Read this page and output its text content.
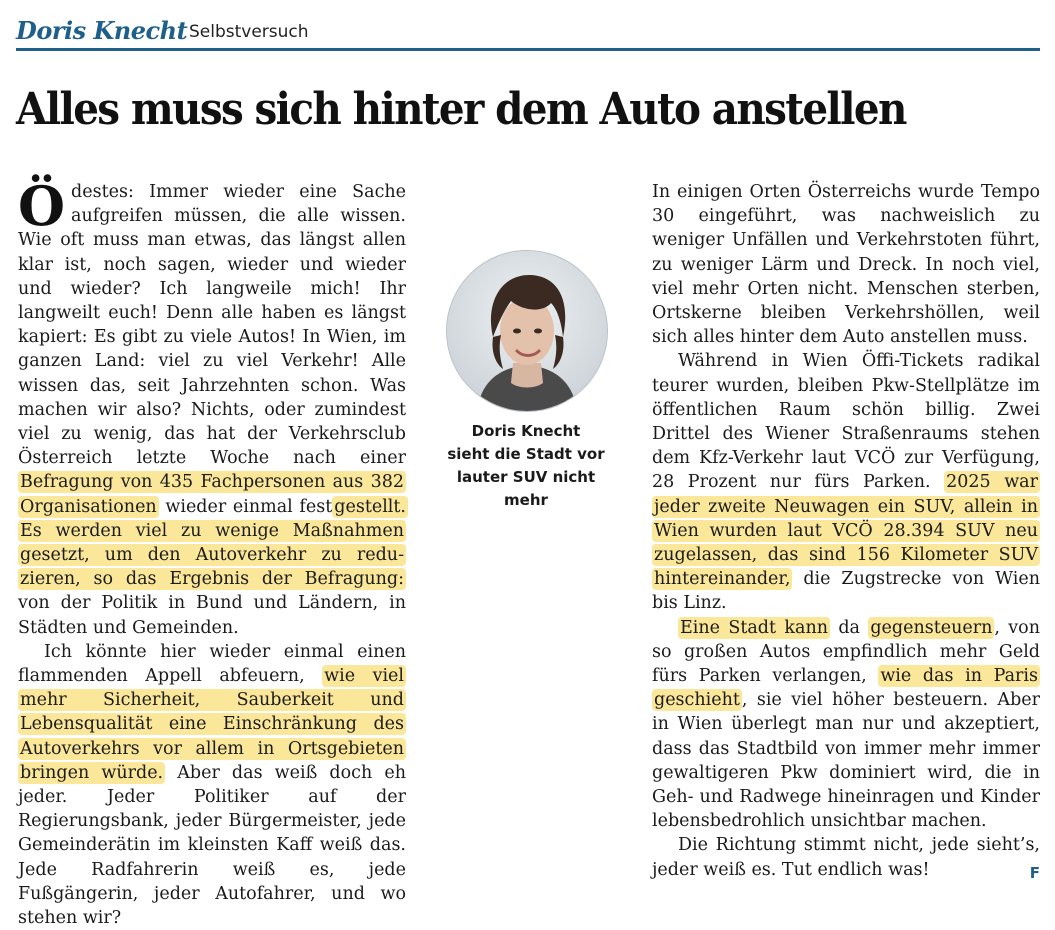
Doris Knecht Selbstversuch
Alles muss sich hinter dem Auto anstellen

Ödestes: Immer wieder eine Sache aufgreifen müssen, die alle wissen. Wie oft muss man etwas, das längst allen klar ist, noch sagen, wieder und wieder und wieder? Ich langweile mich! Ihr langweilt euch! Denn alle haben es längst kapiert: Es gibt zu viele Autos! In Wien, im ganzen Land: viel zu viel Verkehr! Alle wissen das, seit Jahrzehnten schon. Was machen wir also? Nichts, oder zumindest viel zu wenig, das hat der Verkehrsclub Österreich letzte Woche nach einer Befragung von 435 Fachpersonen aus 382 Organisationen wieder einmal fest gestellt. Es werden viel zu wenige Maßnahmen gesetzt, um den Autoverkehr zu reduzieren, so das Ergebnis der Befragung: von der Politik in Bund und Ländern, in Städten und Gemeinden.

Ich könnte hier wieder einmal einen flammenden Appell abfeuern, wie viel mehr Sicherheit, Sauberkeit und Lebensqualität eine Einschränkung des Autoverkehrs vor allem in Ortsgebieten bringen würde. Aber das weiß doch eh jeder. Jeder Politiker auf der Regierungsbank, jeder Bürgermeister, jede Gemeinderätin im kleinsten Kaff weiß das. Jede Radfahrerin weiß es, jede Fußgängerin, jeder Autofahrer, und wo stehen wir?

Doris Knecht
sieht die Stadt vor
lauter SUV nicht
mehr

In einigen Orten Österreichs wurde Tempo 30 eingeführt, was nachweislich zu weniger Unfällen und Verkehrstoten führt, zu weniger Lärm und Dreck. In noch viel, viel mehr Orten nicht. Menschen sterben, Ortskerne bleiben Verkehrshöllen, weil sich alles hinter dem Auto anstellen muss.

Während in Wien Öffi-Tickets radikal teurer wurden, bleiben Pkw-Stellplätze im öffentlichen Raum schön billig. Zwei Drittel des Wiener Straßenraums stehen dem Kfz-Verkehr laut VCÖ zur Verfügung, 28 Prozent nur fürs Parken. 2025 war jeder zweite Neuwagen ein SUV, allein in Wien wurden laut VCÖ 28.394 SUV neu zugelassen, das sind 156 Kilometer SUV hintereinander, die Zugstrecke von Wien bis Linz.

Eine Stadt kann da gegensteuern , von so großen Autos empfindlich mehr Geld fürs Parken verlangen, wie das in Paris geschieht , sie viel höher besteuern. Aber in Wien überlegt man nur und akzeptiert, dass das Stadtbild von immer mehr immer gewaltigeren Pkw dominiert wird, die in Geh- und Radwege hineinragen und Kinder lebensbedrohlich unsichtbar machen.

Die Richtung stimmt nicht, jede sieht’s, jeder weiß es. Tut endlich was!	F
